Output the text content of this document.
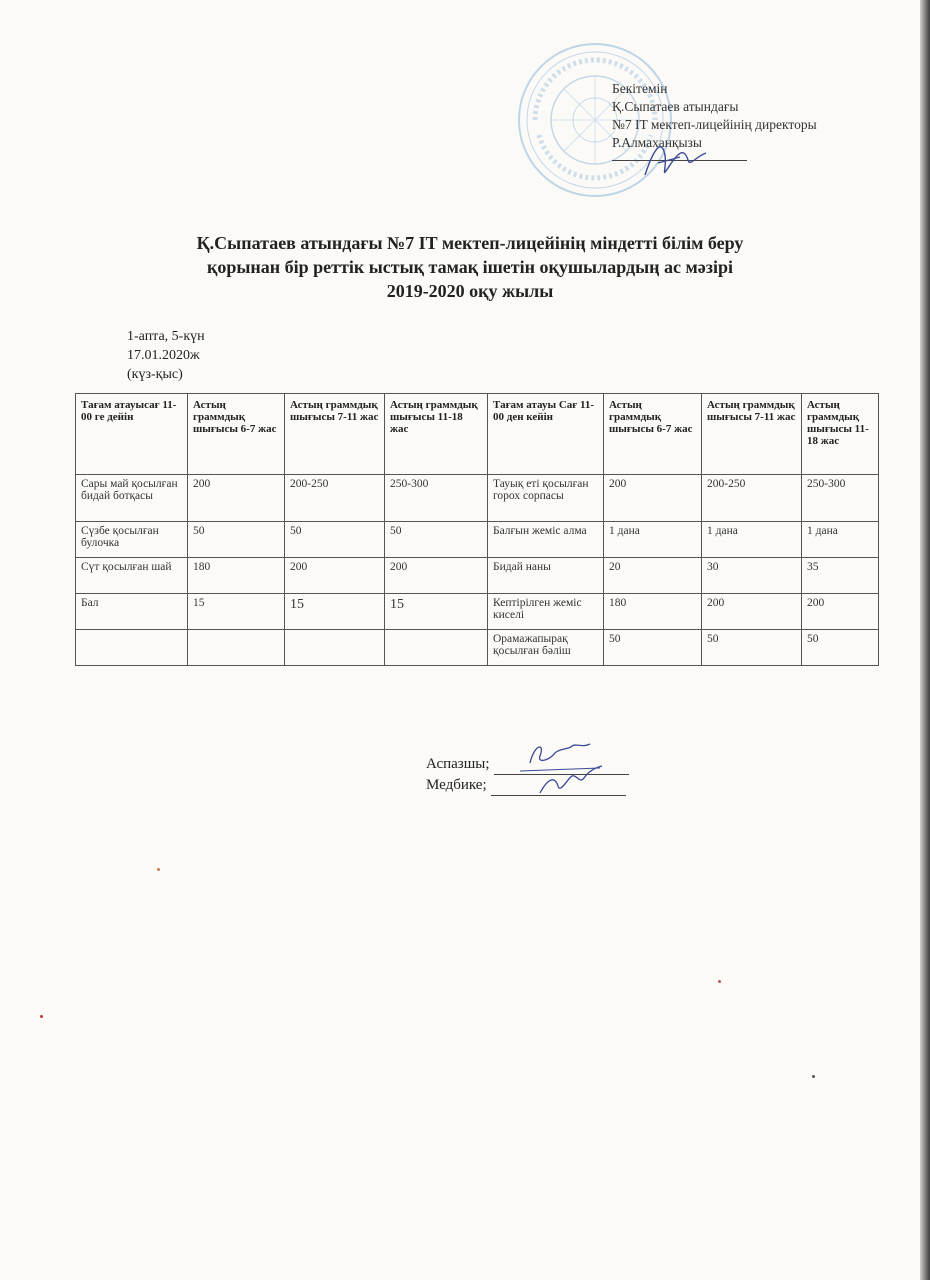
Бекітемін
Қ.Сыпатаев атындағы
№7 IT мектеп-лицейінің директоры
Р.Алмаханқызы
Қ.Сыпатаев атындағы №7 IT мектеп-лицейінің міндетті білім беру
қорынан бір реттік ыстық тамақ ішетін оқушылардың ас мәзірі
2019-2020 оқу жылы
1-апта, 5-күн
17.01.2020ж
(күз-қыс)
Тағам атауысағ 11-00 ге дейін	Астың граммдық шығысы 6-7 жас	Астың граммдық шығысы 7-11 жас	Астың граммдық шығысы 11-18 жас	Тағам атауы Сағ 11-00 ден кейін	Астың граммдық шығысы 6-7 жас	Астың граммдық шығысы 7-11 жас	Астың граммдық шығысы 11-18 жас
Сары май қосылған бидай ботқасы	200	200-250	250-300	Тауық еті қосылған горох сорпасы	200	200-250	250-300
Сүзбе қосылған булочка	50	50	50	Балғын жеміс алма	1 дана	1 дана	1 дана
Сүт қосылған шай	180	200	200	Бидай наны	20	30	35
Бал	15	15	15	Кептірілген жеміс киселі	180	200	200
				Орамажапырақ қосылған бәліш	50	50	50
Аспазшы;
Медбике;
